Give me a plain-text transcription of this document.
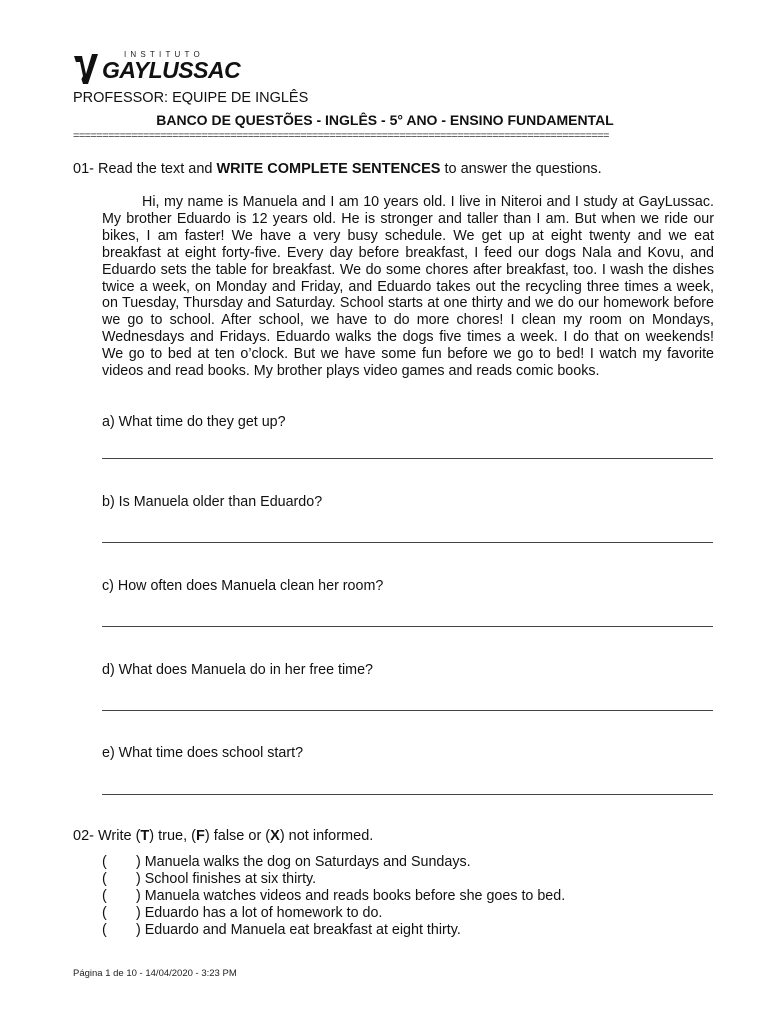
INSTITUTO
GAYLUSSAC
PROFESSOR: EQUIPE DE INGLÊS
BANCO DE QUESTÕES - INGLÊS - 5° ANO - ENSINO FUNDAMENTAL
============================================================================================
01- Read the text and WRITE COMPLETE SENTENCES to answer the questions.

Hi, my name is Manuela and I am 10 years old. I live in Niteroi and I study at GayLussac. My brother Eduardo is 12 years old. He is stronger and taller than I am. But when we ride our bikes, I am faster! We have a very busy schedule. We get up at eight twenty and we eat breakfast at eight forty-five. Every day before breakfast, I feed our dogs Nala and Kovu, and Eduardo sets the table for breakfast. We do some chores after breakfast, too. I wash the dishes twice a week, on Monday and Friday, and Eduardo takes out the recycling three times a week, on Tuesday, Thursday and Saturday. School starts at one thirty and we do our homework before we go to school. After school, we have to do more chores! I clean my room on Mondays, Wednesdays and Fridays. Eduardo walks the dogs five times a week. I do that on weekends! We go to bed at ten o’clock. But we have some fun before we go to bed! I watch my favorite videos and read books. My brother plays video games and reads comic books.

a) What time do they get up?
b) Is Manuela older than Eduardo?
c) How often does Manuela clean her room?
d) What does Manuela do in her free time?
e) What time does school start?
02- Write (T) true, (F) false or (X) not informed.
(	) Manuela walks the dog on Saturdays and Sundays.
(	) School finishes at six thirty.
(	) Manuela watches videos and reads books before she goes to bed.
(	) Eduardo has a lot of homework to do.
(	) Eduardo and Manuela eat breakfast at eight thirty.
Página 1 de 10 - 14/04/2020 - 3:23 PM
